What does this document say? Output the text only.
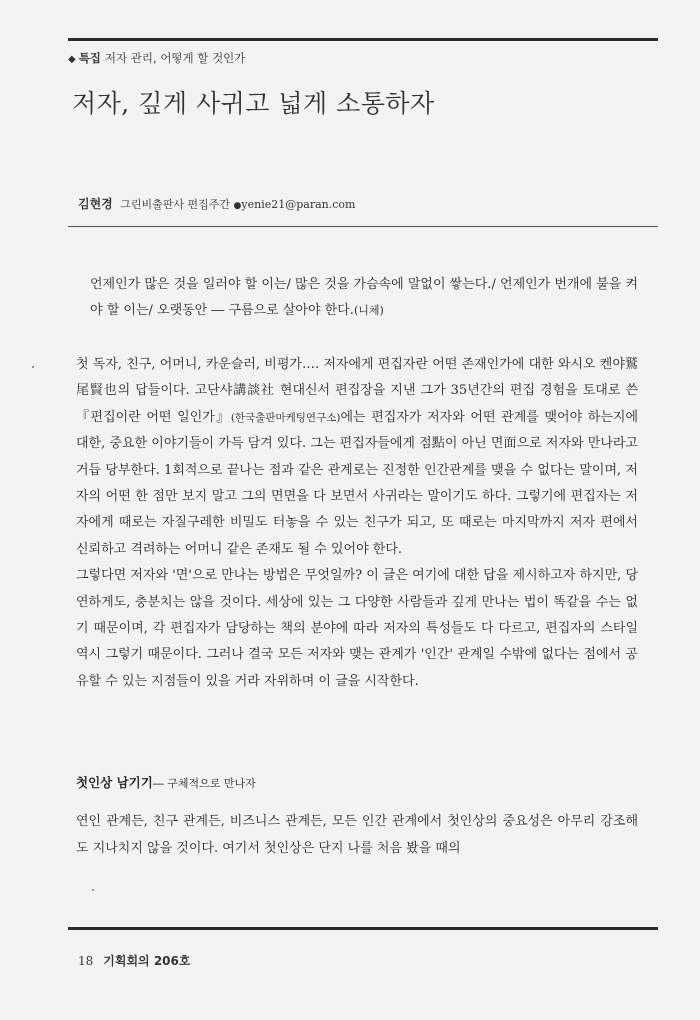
◆ 특집 저자 관리, 어떻게 할 것인가
저자, 깊게 사귀고 넓게 소통하자
김현경 그린비출판사 편집주간 ●yenie21@paran.com
언제인가 많은 것을 일러야 할 이는/ 많은 것을 가슴속에 말없이 쌓는다./ 언제인가 번개에 불을 켜야 할 이는/ 오랫동안 ― 구름으로 살아야 한다.(니체)

첫 독자, 친구, 어머니, 카운슬러, 비평가…. 저자에게 편집자란 어떤 존재인가에 대한 와시오 켄야鷲尾賢也의 답들이다. 고단샤講談社 현대신서 편집장을 지낸 그가 35년간의 편집 경험을 토대로 쓴 『편집이란 어떤 일인가』(한국출판마케팅연구소)에는 편집자가 저자와 어떤 관계를 맺어야 하는지에 대한, 중요한 이야기들이 가득 담겨 있다. 그는 편집자들에게 점點이 아닌 면面으로 저자와 만나라고 거듭 당부한다. 1회적으로 끝나는 점과 같은 관계로는 진정한 인간관계를 맺을 수 없다는 말이며, 저자의 어떤 한 점만 보지 말고 그의 면면을 다 보면서 사귀라는 말이기도 하다. 그렇기에 편집자는 저자에게 때로는 자질구레한 비밀도 터놓을 수 있는 친구가 되고, 또 때로는 마지막까지 저자 편에서 신뢰하고 격려하는 어머니 같은 존재도 될 수 있어야 한다.

그렇다면 저자와 '면'으로 만나는 방법은 무엇일까? 이 글은 여기에 대한 답을 제시하고자 하지만, 당연하게도, 충분치는 않을 것이다. 세상에 있는 그 다양한 사람들과 깊게 만나는 법이 똑같을 수는 없기 때문이며, 각 편집자가 담당하는 책의 분야에 따라 저자의 특성들도 다 다르고, 편집자의 스타일 역시 그렇기 때문이다. 그러나 결국 모든 저자와 맺는 관계가 '인간' 관계일 수밖에 없다는 점에서 공유할 수 있는 지점들이 있을 거라 자위하며 이 글을 시작한다.

첫인상 남기기― 구체적으로 만나자

연인 관계든, 친구 관계든, 비즈니스 관계든, 모든 인간 관계에서 첫인상의 중요성은 아무리 강조해도 지나치지 않을 것이다. 여기서 첫인상은 단지 나를 처음 봤을 때의

18 기획회의 206호
